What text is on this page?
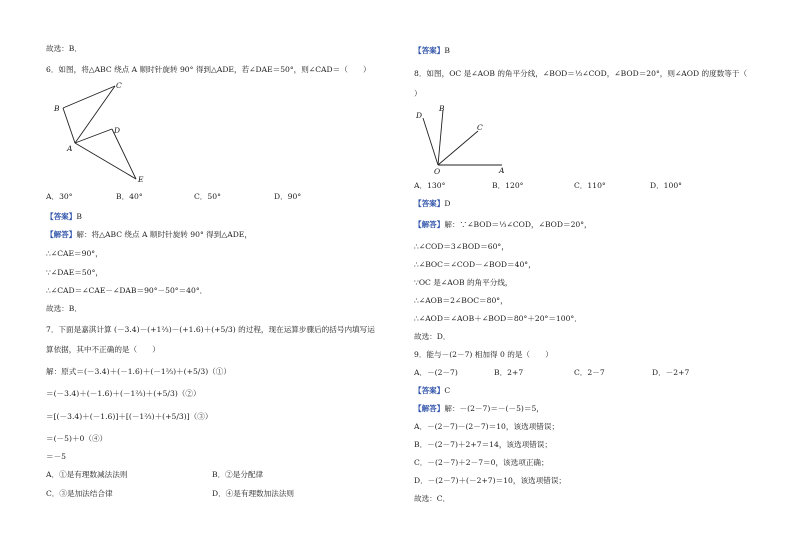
故选：B．
6．如图，将△ABC 绕点 A 顺时针旋转 90° 得到△ADE，若∠DAE＝50°，则∠CAD＝（　　）
B
C
A
D
E
A．30°	B．40°	C．50°	D．90°
【答案】B
【解答】解：将△ABC 绕点 A 顺时针旋转 90° 得到△ADE，
∴∠CAE＝90°，
∵∠DAE＝50°，
∴∠CAD＝∠CAE－∠DAB＝90°－50°＝40°．
故选：B．
7．下面是嘉淇计算 (－3.4)－(+1⅔)－(+1.6)＋(+5/3) 的过程，现在运算步骤后的括号内填写运
算依据，其中不正确的是（　　）
解：原式＝(－3.4)＋(－1.6)＋(－1⅔)＋(+5/3)（①）
＝(－3.4)＋(－1.6)＋(－1⅔)＋(+5/3)（②）
＝[(－3.4)＋(－1.6)]＋[(－1⅔)＋(+5/3)]（③）
＝(－5)＋0（④）
＝－5
A．①是有理数减法法则	B．②是分配律
C．③是加法结合律	D．④是有理数加法法则
【答案】B
8．如图，OC 是∠AOB 的角平分线，∠BOD＝⅓∠COD，∠BOD＝20°，则∠AOD 的度数等于（
）
D
B
C
O	A
A．130°	B．120°	C．110°	D．100°
【答案】D
【解答】解：∵∠BOD＝⅓∠COD，∠BOD＝20°，
∴∠COD＝3∠BOD＝60°，
∴∠BOC＝∠COD－∠BOD＝40°，
∵OC 是∠AOB 的角平分线，
∴∠AOB＝2∠BOC＝80°，
∴∠AOD＝∠AOB＋∠BOD＝80°＋20°＝100°．
故选：D．
9．能与－(2－7) 相加得 0 的是（　　）
A．－(2－7)	B．2+7	C．2－7	D．－2+7
【答案】C
【解答】解：－(2－7)＝－(－5)＝5，
A．－(2－7)－(2－7)＝10，该选项错误；
B．－(2－7)＋2+7＝14，该选项错误；
C．－(2－7)＋2－7＝0，该选项正确；
D．－(2－7)＋(－2+7)＝10，该选项错误；
故选：C．
